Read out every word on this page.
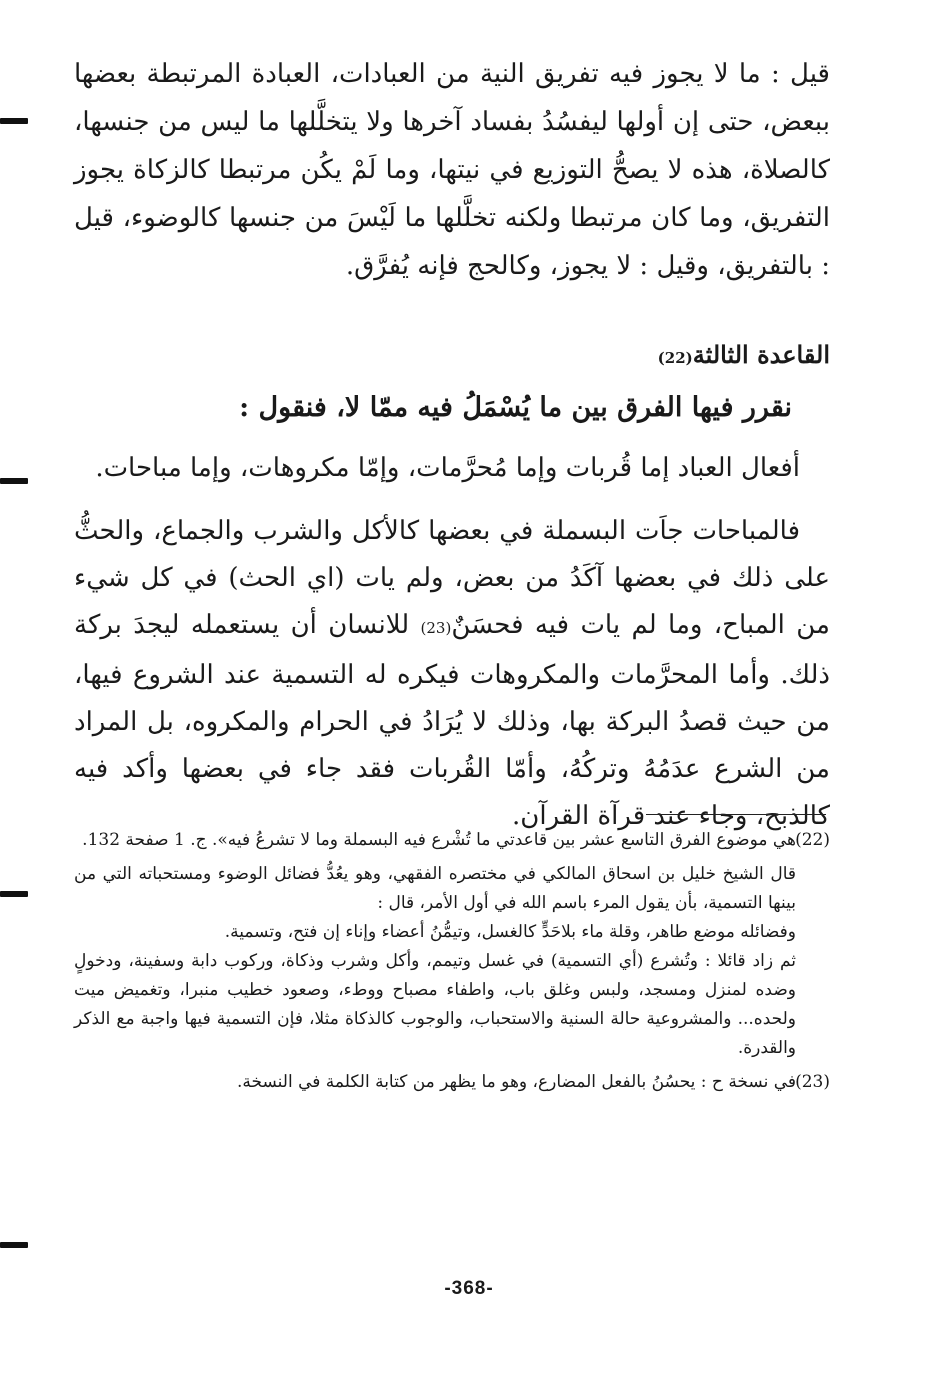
قيل : ما لا يجوز فيه تفريق النية من العبادات، العبادة المرتبطة بعضها ببعض، حتى إن أولها ليفسُدُ بفساد آخرها ولا يتخلَّلها ما ليس من جنسها، كالصلاة، هذه لا يصحُّ التوزيع في نيتها، وما لَمْ يكُن مرتبطا كالزكاة يجوز التفريق، وما كان مرتبطا ولكنه تخلَّلها ما لَيْسَ من جنسها كالوضوء، قيل : بالتفريق، وقيل : لا يجوز، وكالحج فإنه يُفرَّق.

القاعدة الثالثة(22)
نقرر فيها الفرق بين ما يُسْمَلُ فيه ممّا لا، فنقول :

أفعال العباد إما قُربات وإما مُحرَّمات، وإمّا مكروهات، وإما مباحات.

فالمباحات جاَت البسملة في بعضها كالأكل والشرب والجماع، والحثُّ على ذلك في بعضها آكَدُ من بعض، ولم يات (اي الحث) في كل شيء من المباح، وما لم يات فيه فحسَنٌ(23) للانسان أن يستعمله ليجدَ بركة ذلك. وأما المحرَّمات والمكروهات فيكره له التسمية عند الشروع فيها، من حيث قصدُ البركة بها، وذلك لا يُرَادُ في الحرام والمكروه، بل المراد من الشرع عدَمُهُ وتركُهُ، وأمّا القُربات فقد جاء في بعضها وأكد فيه كالذبح، وجاء عند قرآة القرآن.

(22)هي موضوع الفرق التاسع عشر بين قاعدتي ما تُشْرع فيه البسملة وما لا تشرعُ فيه». ج. 1 صفحة 132.

قال الشيخ خليل بن اسحاق المالكي في مختصره الفقهي، وهو يعُدُّ فضائل الوضوء ومستحباته التي من بينها التسمية، بأن يقول المرء باسم الله في أول الأمر، قال :

وفضائله موضع طاهر، وقلة ماء بلاحَدٍّ كالغسل، وتيمُّنُ أعضاء وإناء إن فتح، وتسمية.

ثم زاد قائلا : وتُشرع (أي التسمية) في غسل وتيمم، وأكل وشرب وذكاة، وركوب دابة وسفينة، ودخولٍ وضده لمنزل ومسجد، ولبس وغلق باب، واطفاء مصباح ووطء، وصعود خطيب منبرا، وتغميض ميت ولحده... والمشروعية حالة السنية والاستحباب، والوجوب كالذكاة مثلا، فإن التسمية فيها واجبة مع الذكر والقدرة.

(23)في نسخة ح : يحسُنُ بالفعل المضارع، وهو ما يظهر من كتابة الكلمة في النسخة.

-368-
